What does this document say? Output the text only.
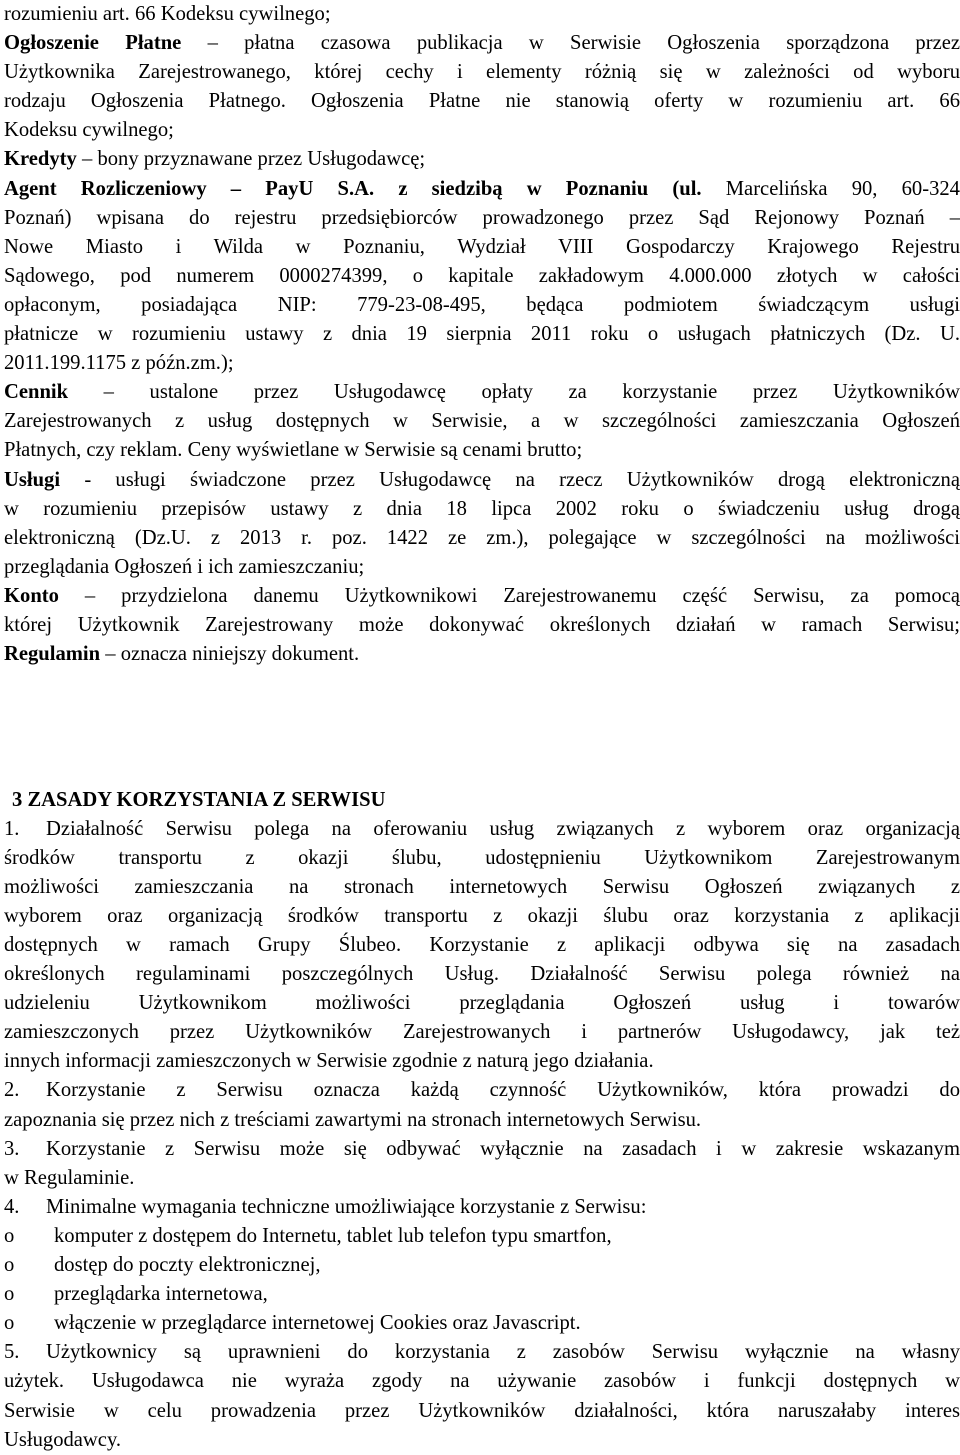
rozumieniu art. 66 Kodeksu cywilnego;
Ogłoszenie Płatne – płatna czasowa publikacja w Serwisie Ogłoszenia sporządzona przez
Użytkownika Zarejestrowanego, której cechy i elementy różnią się w zależności od wyboru
rodzaju Ogłoszenia Płatnego. Ogłoszenia Płatne nie stanowią oferty w rozumieniu art. 66
Kodeksu cywilnego;
Kredyty – bony przyznawane przez Usługodawcę;
Agent Rozliczeniowy – PayU S.A. z siedzibą w Poznaniu (ul. Marcelińska 90, 60-324
Poznań) wpisana do rejestru przedsiębiorców prowadzonego przez Sąd Rejonowy Poznań –
Nowe Miasto i Wilda w Poznaniu, Wydział VIII Gospodarczy Krajowego Rejestru
Sądowego, pod numerem 0000274399, o kapitale zakładowym 4.000.000 złotych w całości
opłaconym, posiadająca NIP: 779-23-08-495, będąca podmiotem świadczącym usługi
płatnicze w rozumieniu ustawy z dnia 19 sierpnia 2011 roku o usługach płatniczych (Dz. U.
2011.199.1175 z późn.zm.);
Cennik – ustalone przez Usługodawcę opłaty za korzystanie przez Użytkowników
Zarejestrowanych z usług dostępnych w Serwisie, a w szczególności zamieszczania Ogłoszeń
Płatnych, czy reklam. Ceny wyświetlane w Serwisie są cenami brutto;
Usługi - usługi świadczone przez Usługodawcę na rzecz Użytkowników drogą elektroniczną
w rozumieniu przepisów ustawy z dnia 18 lipca 2002 roku o świadczeniu usług drogą
elektroniczną (Dz.U. z 2013 r. poz. 1422 ze zm.), polegające w szczególności na możliwości
przeglądania Ogłoszeń i ich zamieszczaniu;
Konto – przydzielona danemu Użytkownikowi Zarejestrowanemu część Serwisu, za pomocą
której Użytkownik Zarejestrowany może dokonywać określonych działań w ramach Serwisu;
Regulamin – oznacza niniejszy dokument.
3 ZASADY KORZYSTANIA Z SERWISU
1. Działalność Serwisu polega na oferowaniu usług związanych z wyborem oraz organizacją
środków transportu z okazji ślubu, udostępnieniu Użytkownikom Zarejestrowanym
możliwości zamieszczania na stronach internetowych Serwisu Ogłoszeń związanych z
wyborem oraz organizacją środków transportu z okazji ślubu oraz korzystania z aplikacji
dostępnych w ramach Grupy Ślubeo. Korzystanie z aplikacji odbywa się na zasadach
określonych regulaminami poszczególnych Usług. Działalność Serwisu polega również na
udzieleniu Użytkownikom możliwości przeglądania Ogłoszeń usług i towarów
zamieszczonych przez Użytkowników Zarejestrowanych i partnerów Usługodawcy, jak też
innych informacji zamieszczonych w Serwisie zgodnie z naturą jego działania.
2. Korzystanie z Serwisu oznacza każdą czynność Użytkowników, która prowadzi do
zapoznania się przez nich z treściami zawartymi na stronach internetowych Serwisu.
3. Korzystanie z Serwisu może się odbywać wyłącznie na zasadach i w zakresie wskazanym
w Regulaminie.
4. Minimalne wymagania techniczne umożliwiające korzystanie z Serwisu:
o komputer z dostępem do Internetu, tablet lub telefon typu smartfon,
o dostęp do poczty elektronicznej,
o przeglądarka internetowa,
o włączenie w przeglądarce internetowej Cookies oraz Javascript.
5. Użytkownicy są uprawnieni do korzystania z zasobów Serwisu wyłącznie na własny
użytek. Usługodawca nie wyraża zgody na używanie zasobów i funkcji dostępnych w
Serwisie w celu prowadzenia przez Użytkowników działalności, która naruszałaby interes
Usługodawcy.
